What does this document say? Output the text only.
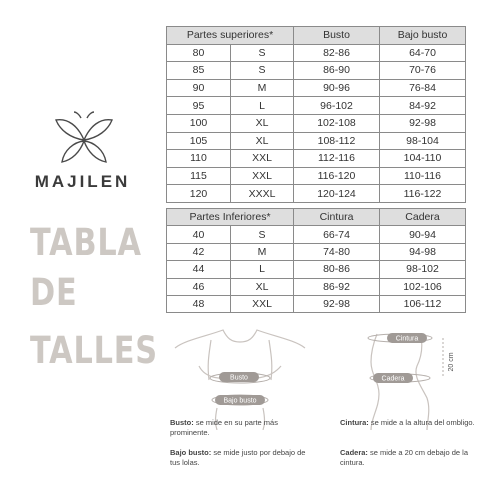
MAJILEN
TABLA
DE
TALLES
Partes superiores*		Busto	Bajo busto
80	S	82-86	64-70
85	S	86-90	70-76
90	M	90-96	76-84
95	L	96-102	84-92
100	XL	102-108	92-98
105	XL	108-112	98-104
110	XXL	112-116	104-110
115	XXL	116-120	110-116
120	XXXL	120-124	116-122
Partes Inferiores*		Cintura	Cadera
40	S	66-74	90-94
42	M	74-80	94-98
44	L	80-86	98-102
46	XL	86-92	102-106
48	XXL	92-98	106-112
Busto
Bajo busto
Cintura
Cadera
20 cm
Busto: se mide en su parte más prominente.
Bajo busto: se mide justo por debajo de tus lolas.
Cintura: se mide a la altura del ombligo.
Cadera: se mide a 20 cm debajo de la cintura.
